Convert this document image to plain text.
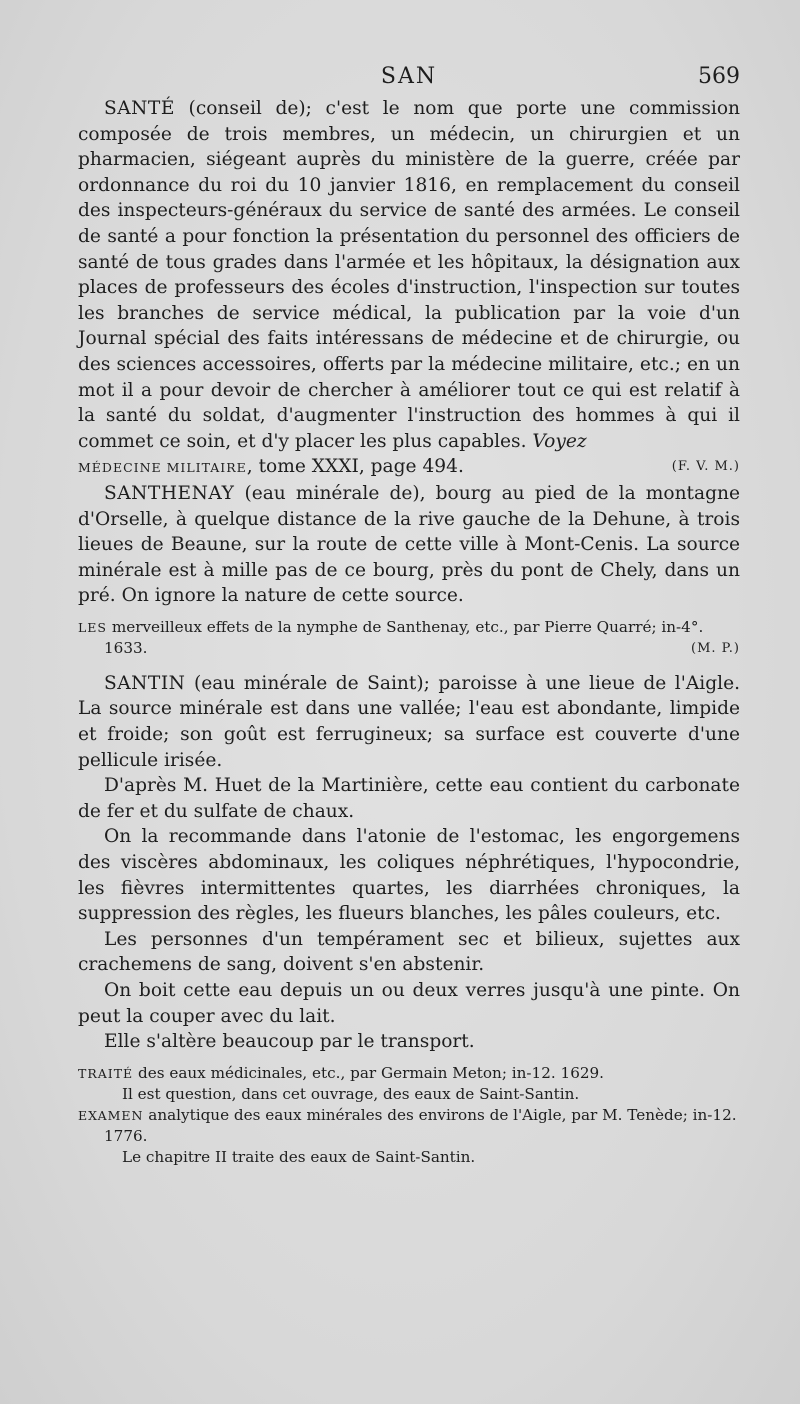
SAN	569

SANTÉ (conseil de); c'est le nom que porte une commission composée de trois membres, un médecin, un chirurgien et un pharmacien, siégeant auprès du ministère de la guerre, créée par ordonnance du roi du 10 janvier 1816, en remplacement du conseil des inspecteurs-généraux du service de santé des armées. Le conseil de santé a pour fonction la présentation du personnel des officiers de santé de tous grades dans l'armée et les hôpitaux, la désignation aux places de professeurs des écoles d'instruction, l'inspection sur toutes les branches de service médical, la publication par la voie d'un Journal spécial des faits intéressans de médecine et de chirurgie, ou des sciences accessoires, offerts par la médecine militaire, etc.; en un mot il a pour devoir de chercher à améliorer tout ce qui est relatif à la santé du soldat, d'augmenter l'instruction des hommes à qui il commet ce soin, et d'y placer les plus capables. Voyez

MÉDECINE MILITAIRE, tome XXXI, page 494.	(F. V. M.)

SANTHENAY (eau minérale de), bourg au pied de la montagne d'Orselle, à quelque distance de la rive gauche de la Dehune, à trois lieues de Beaune, sur la route de cette ville à Mont-Cenis. La source minérale est à mille pas de ce bourg, près du pont de Chely, dans un pré. On ignore la nature de cette source.

LES merveilleux effets de la nymphe de Santhenay, etc., par Pierre Quarré; in-4°. 1633.	(M. P.)

SANTIN (eau minérale de Saint); paroisse à une lieue de l'Aigle. La source minérale est dans une vallée; l'eau est abondante, limpide et froide; son goût est ferrugineux; sa surface est couverte d'une pellicule irisée.

D'après M. Huet de la Martinière, cette eau contient du carbonate de fer et du sulfate de chaux.

On la recommande dans l'atonie de l'estomac, les engorgemens des viscères abdominaux, les coliques néphrétiques, l'hypocondrie, les fièvres intermittentes quartes, les diarrhées chroniques, la suppression des règles, les flueurs blanches, les pâles couleurs, etc.

Les personnes d'un tempérament sec et bilieux, sujettes aux crachemens de sang, doivent s'en abstenir.

On boit cette eau depuis un ou deux verres jusqu'à une pinte. On peut la couper avec du lait.

Elle s'altère beaucoup par le transport.

TRAITÉ des eaux médicinales, etc., par Germain Meton; in-12. 1629.

Il est question, dans cet ouvrage, des eaux de Saint-Santin.

EXAMEN analytique des eaux minérales des environs de l'Aigle, par M. Tenède; in-12. 1776.

Le chapitre II traite des eaux de Saint-Santin.
